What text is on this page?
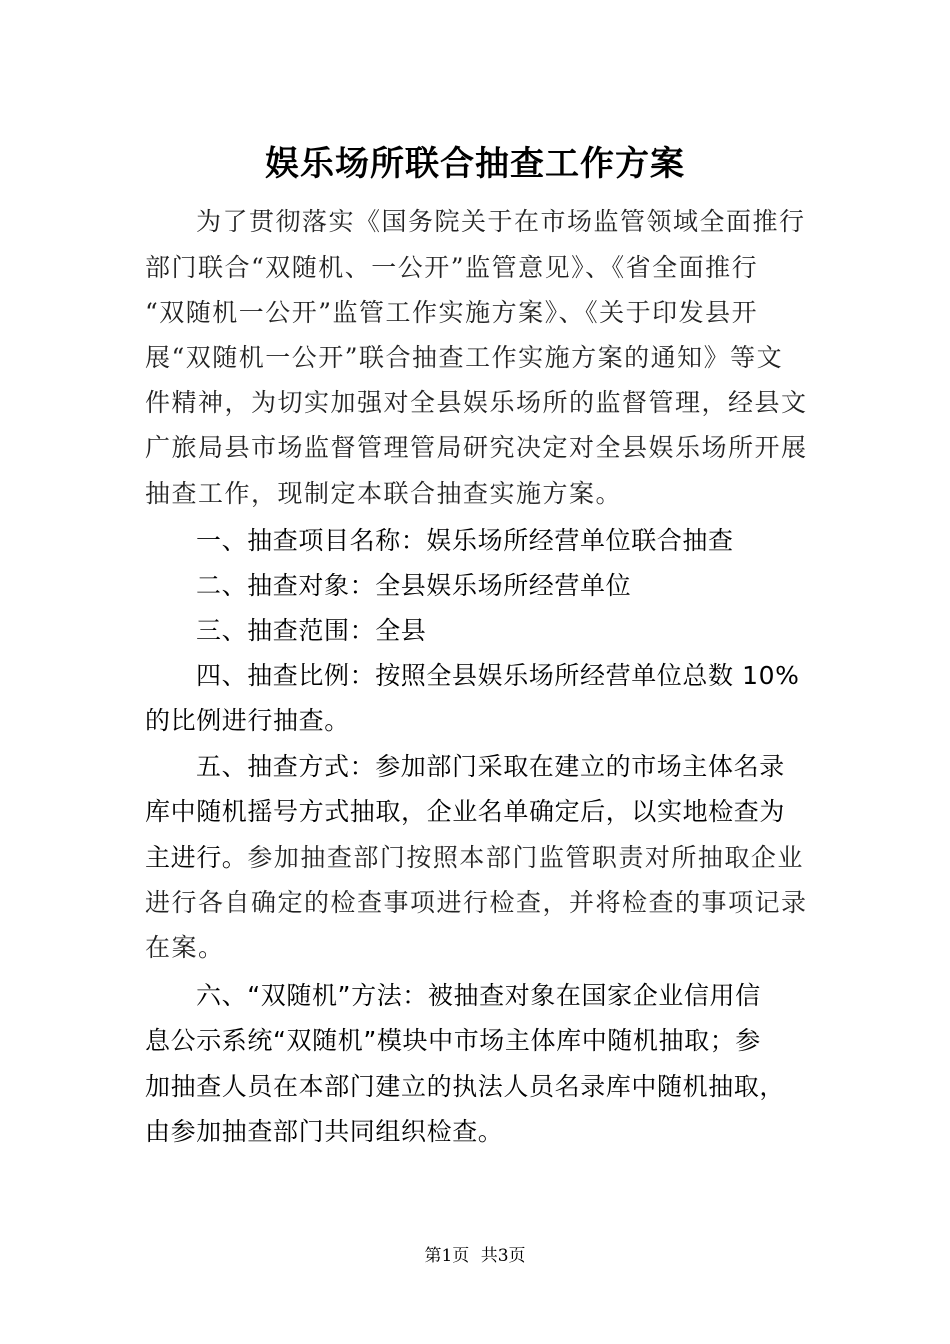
娱乐场所联合抽查工作方案

为了贯彻落实《国务院关于在市场监管领域全面推行

部门联合“双随机、一公开”监管意见》、《省全面推行

“双随机一公开”监管工作实施方案》、《关于印发县开

展“双随机一公开”联合抽查工作实施方案的通知》等文

件精神，为切实加强对全县娱乐场所的监督管理，经县文

广旅局县市场监督管理管局研究决定对全县娱乐场所开展

抽查工作，现制定本联合抽查实施方案。

一、抽查项目名称：娱乐场所经营单位联合抽查

二、抽查对象：全县娱乐场所经营单位

三、抽查范围：全县

四、抽查比例：按照全县娱乐场所经营单位总数 10%

的比例进行抽查。

五、抽查方式：参加部门采取在建立的市场主体名录

库中随机摇号方式抽取，企业名单确定后，以实地检查为

主进行。参加抽查部门按照本部门监管职责对所抽取企业

进行各自确定的检查事项进行检查，并将检查的事项记录

在案。

六、“双随机”方法：被抽查对象在国家企业信用信

息公示系统“双随机”模块中市场主体库中随机抽取；参

加抽查人员在本部门建立的执法人员名录库中随机抽取，

由参加抽查部门共同组织检查。

第1页 共3页
